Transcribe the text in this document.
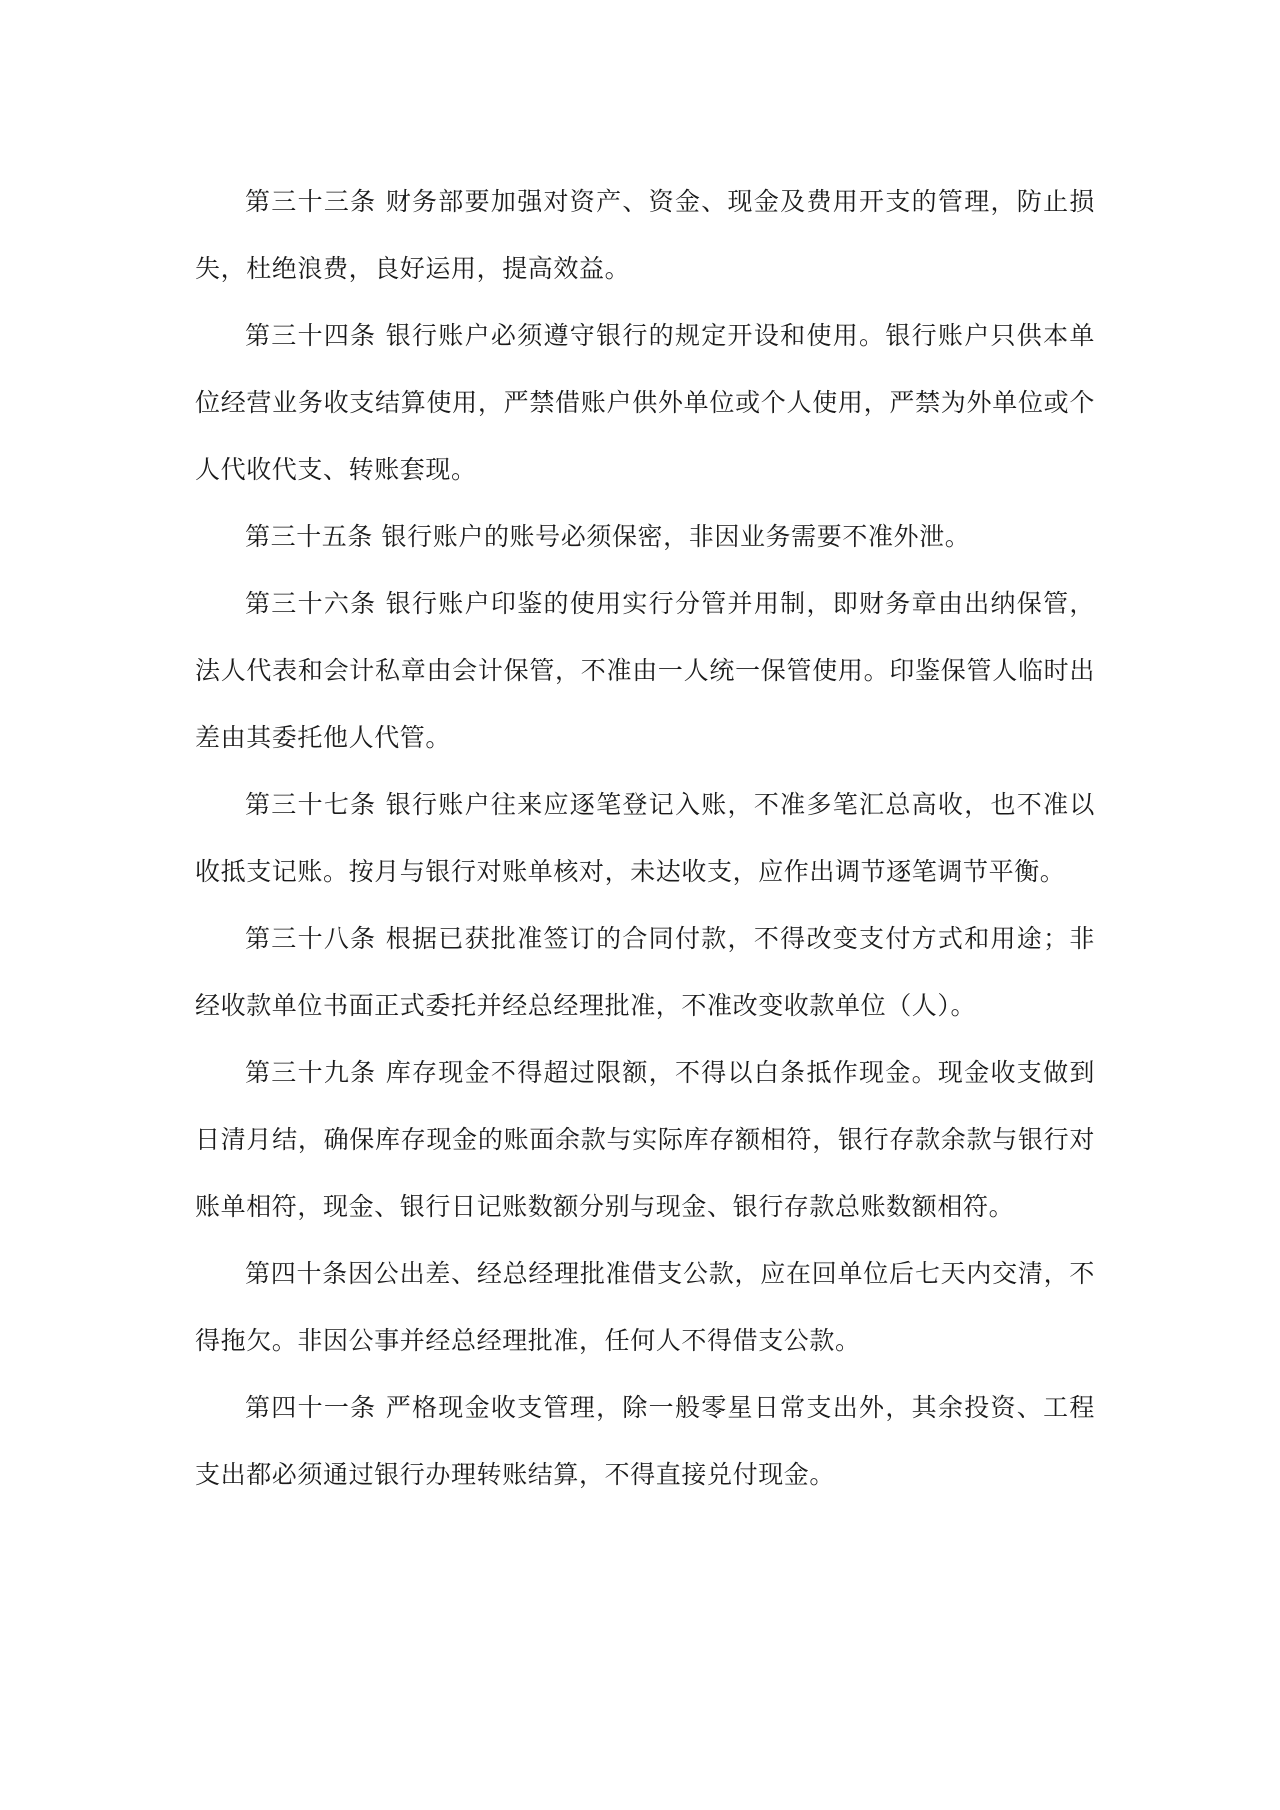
第三十三条 财务部要加强对资产、资金、现金及费用开支的管理，防止损失，杜绝浪费，良好运用，提高效益。

第三十四条 银行账户必须遵守银行的规定开设和使用。银行账户只供本单位经营业务收支结算使用，严禁借账户供外单位或个人使用，严禁为外单位或个人代收代支、转账套现。

第三十五条 银行账户的账号必须保密，非因业务需要不准外泄。

第三十六条 银行账户印鉴的使用实行分管并用制，即财务章由出纳保管，法人代表和会计私章由会计保管，不准由一人统一保管使用。印鉴保管人临时出差由其委托他人代管。

第三十七条 银行账户往来应逐笔登记入账，不准多笔汇总高收，也不准以收抵支记账。按月与银行对账单核对，未达收支，应作出调节逐笔调节平衡。

第三十八条 根据已获批准签订的合同付款，不得改变支付方式和用途；非经收款单位书面正式委托并经总经理批准，不准改变收款单位（人）。

第三十九条 库存现金不得超过限额，不得以白条抵作现金。现金收支做到日清月结，确保库存现金的账面余款与实际库存额相符，银行存款余款与银行对账单相符，现金、银行日记账数额分别与现金、银行存款总账数额相符。

第四十条因公出差、经总经理批准借支公款，应在回单位后七天内交清，不得拖欠。非因公事并经总经理批准，任何人不得借支公款。

第四十一条 严格现金收支管理，除一般零星日常支出外，其余投资、工程支出都必须通过银行办理转账结算，不得直接兑付现金。
